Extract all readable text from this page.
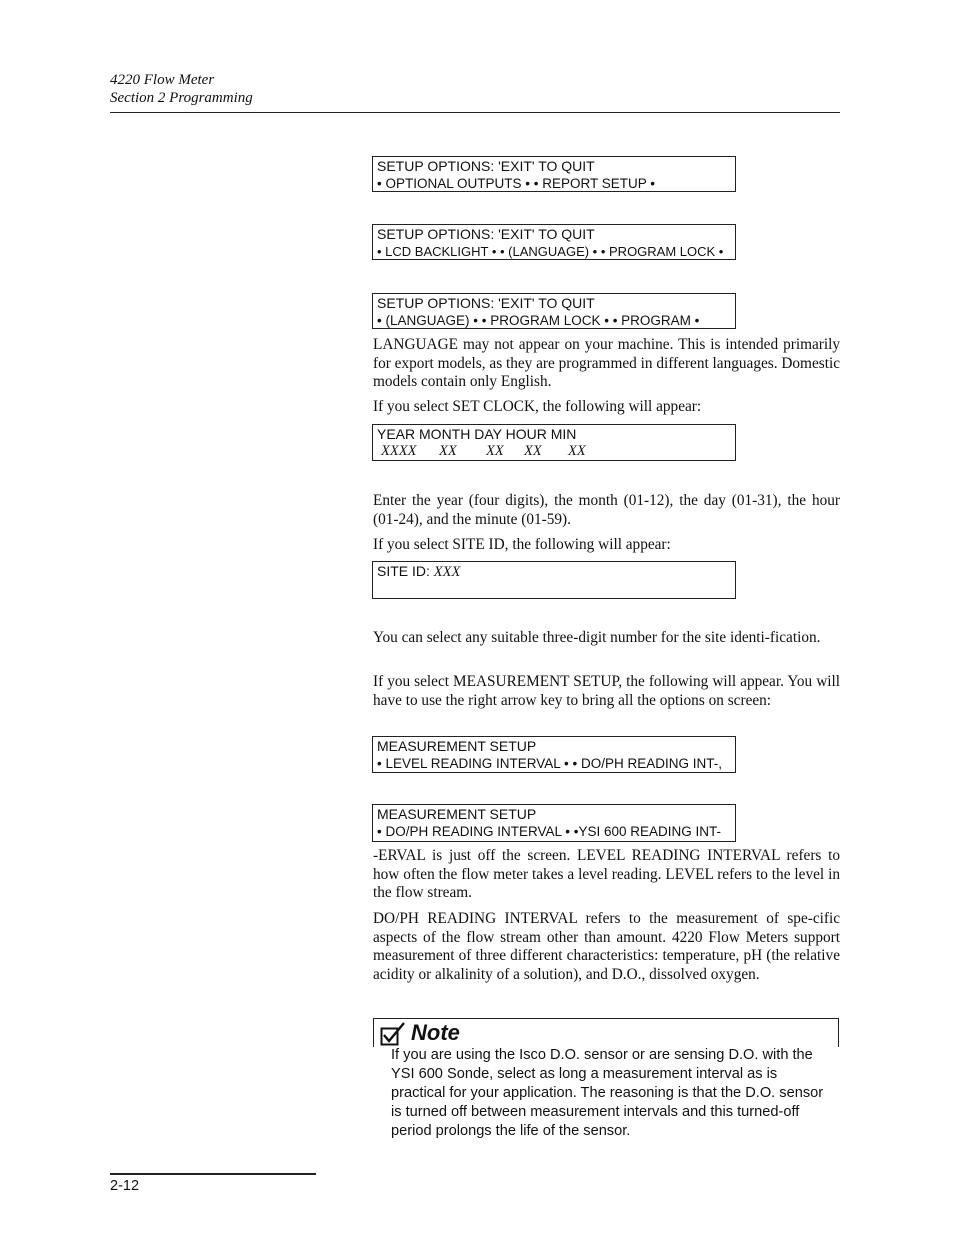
4220 Flow Meter
Section 2 Programming
SETUP OPTIONS: 'EXIT' TO QUIT
• OPTIONAL OUTPUTS • • REPORT SETUP •
SETUP OPTIONS: 'EXIT' TO QUIT
• LCD BACKLIGHT • • (LANGUAGE) • • PROGRAM LOCK •
SETUP OPTIONS: 'EXIT' TO QUIT
• (LANGUAGE) • • PROGRAM LOCK • • PROGRAM •
LANGUAGE may not appear on your machine. This is intended primarily for export models, as they are programmed in different languages. Domestic models contain only English.
If you select SET CLOCK, the following will appear:
YEAR MONTH DAY HOUR MIN
XXXX XX XX XX XX
Enter the year (four digits), the month (01-12), the day (01-31), the hour (01-24), and the minute (01-59).
If you select SITE ID, the following will appear:
SITE ID: XXX
You can select any suitable three-digit number for the site identi-fication.
If you select MEASUREMENT SETUP, the following will appear. You will have to use the right arrow key to bring all the options on screen:
MEASUREMENT SETUP
• LEVEL READING INTERVAL • • DO/PH READING INT-,
MEASUREMENT SETUP
• DO/PH READING INTERVAL • •YSI 600 READING INT-
-ERVAL is just off the screen. LEVEL READING INTERVAL refers to how often the flow meter takes a level reading. LEVEL refers to the level in the flow stream.
DO/PH READING INTERVAL refers to the measurement of spe-cific aspects of the flow stream other than amount. 4220 Flow Meters support measurement of three different characteristics: temperature, pH (the relative acidity or alkalinity of a solution), and D.O., dissolved oxygen.
Note
If you are using the Isco D.O. sensor or are sensing D.O. with the YSI 600 Sonde, select as long a measurement interval as is practical for your application. The reasoning is that the D.O. sensor is turned off between measurement intervals and this turned-off period prolongs the life of the sensor.
2-12
